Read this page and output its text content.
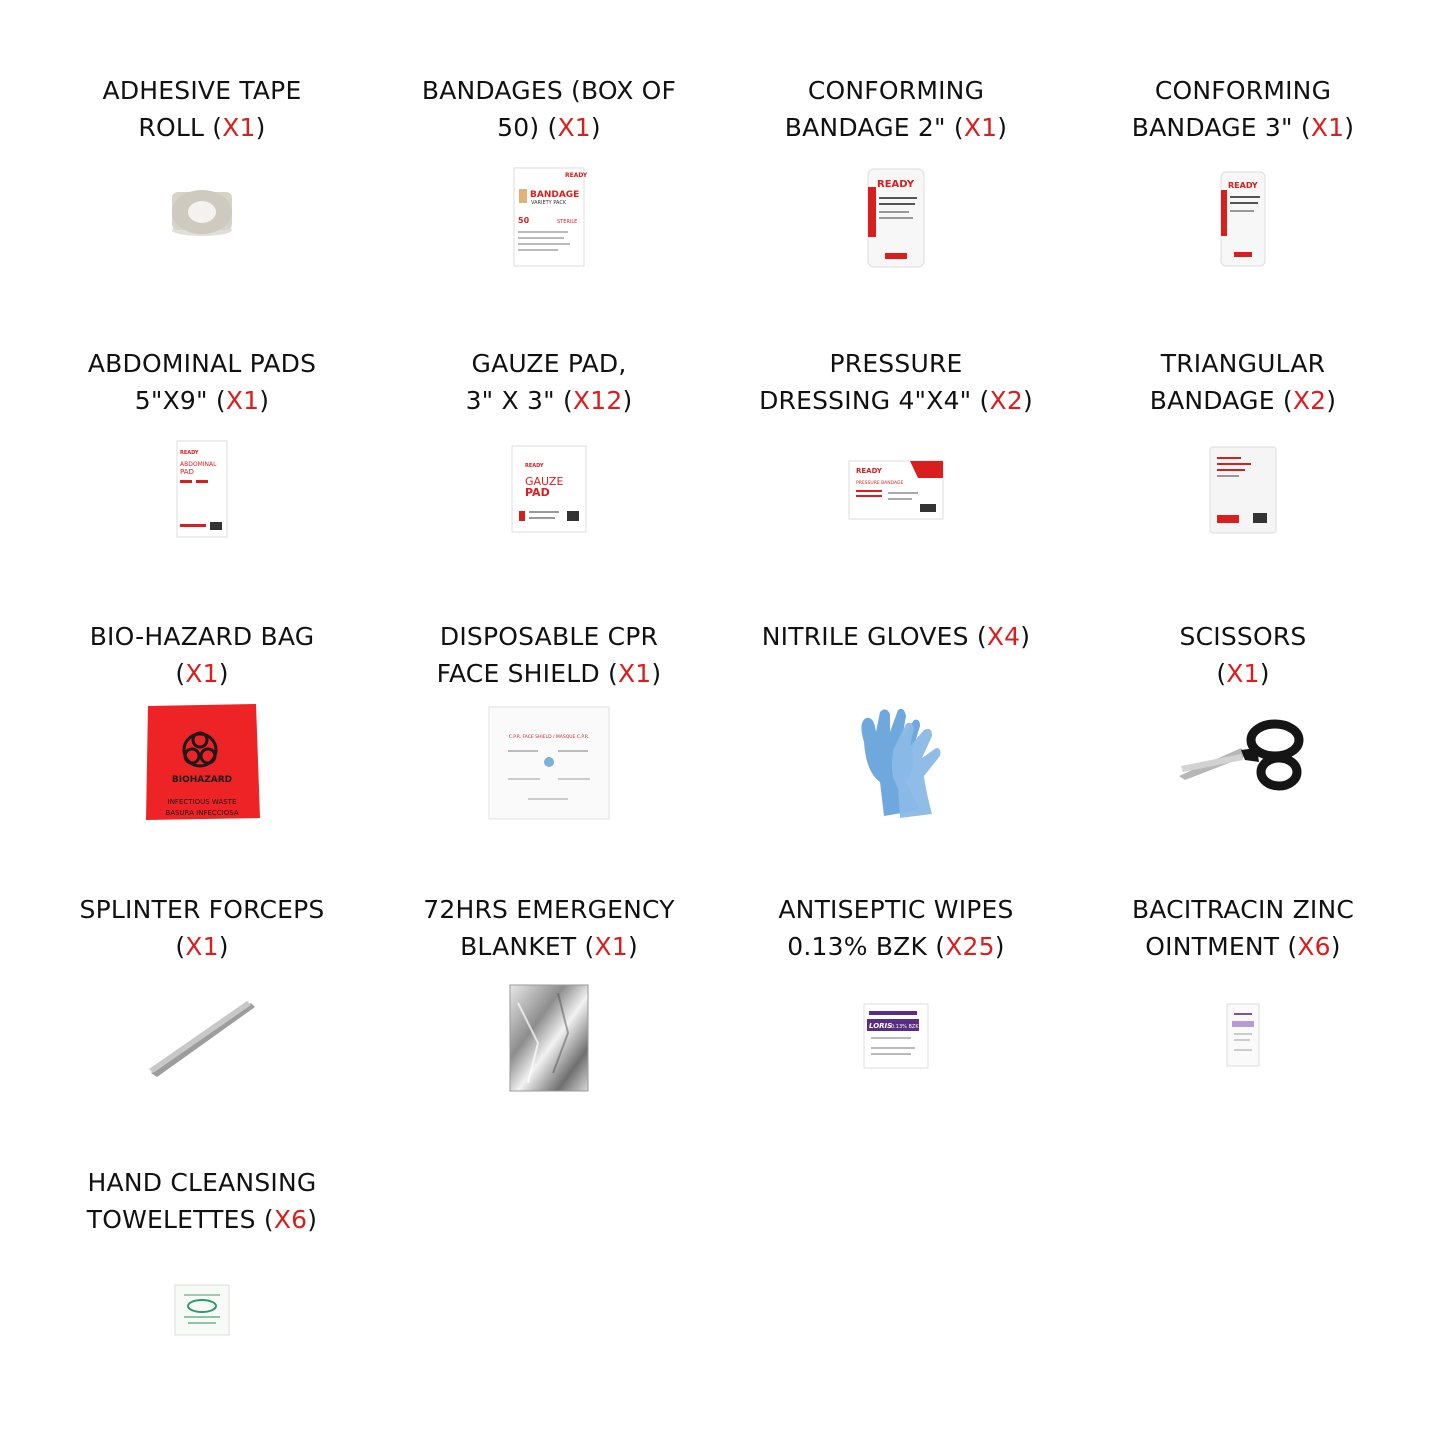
ADHESIVE TAPE
ROLL (X1)
BANDAGES (BOX OF
50) (X1)
READY
BANDAGE
VARIETY PACK
50	STERILE
CONFORMING
BANDAGE 2" (X1)
READY
CONFORMING
BANDAGE 3" (X1)
READY
ABDOMINAL PADS
5"X9" (X1)
READY
ABDOMINAL
PAD
GAUZE PAD,
3" X 3" (X12)
READY
GAUZE
PAD
PRESSURE
DRESSING 4"X4" (X2)
READY
PRESSURE BANDAGE
TRIANGULAR
BANDAGE (X2)
BIO-HAZARD BAG
(X1)
BIOHAZARD
INFECTIOUS WASTE
BASURA INFECCIOSA
DISPOSABLE CPR
FACE SHIELD (X1)
C.P.R. FACE SHIELD / MASQUE C.P.R.
NITRILE GLOVES (X4)	SCISSORS
(X1)
SPLINTER FORCEPS
(X1)
72HRS EMERGENCY
BLANKET (X1)
ANTISEPTIC WIPES
0.13% BZK (X25)
LORIS
0.13% BZK
BACITRACIN ZINC
OINTMENT (X6)
HAND CLEANSING
TOWELETTES (X6)
